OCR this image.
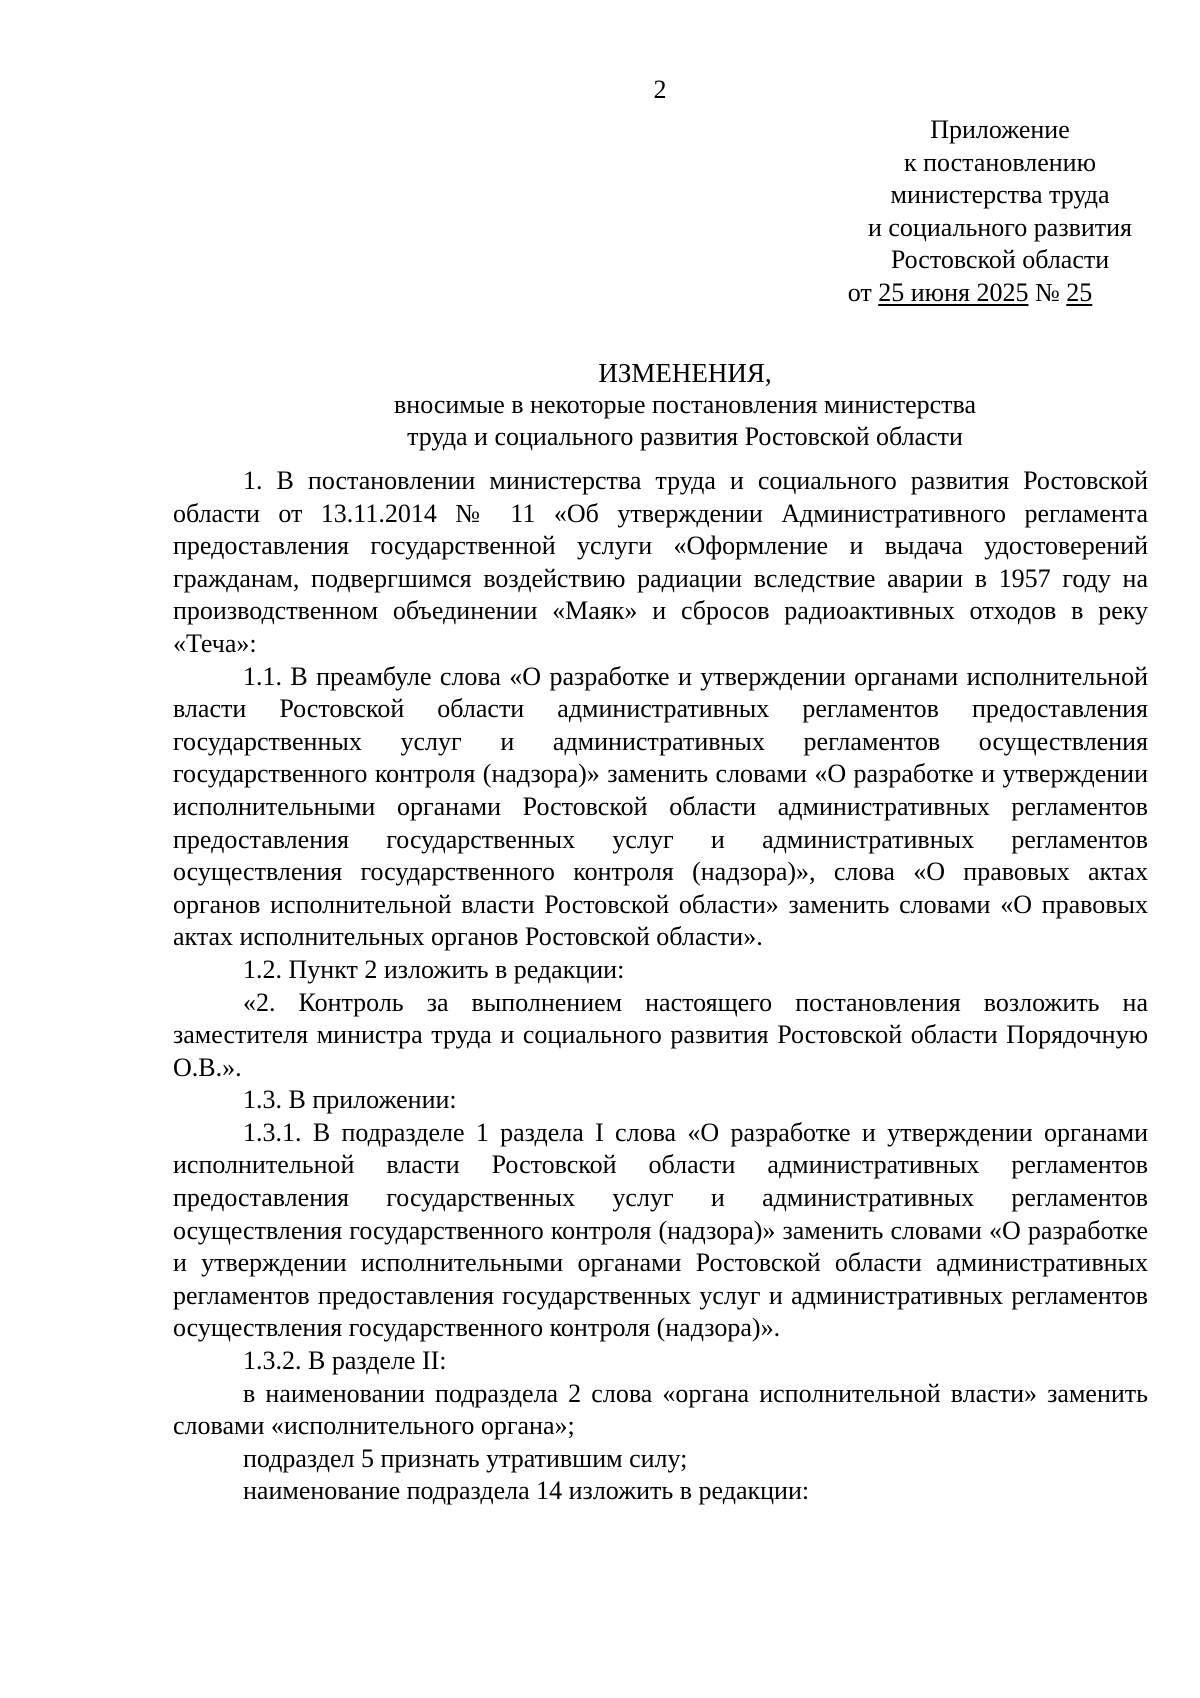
2
Приложение
к постановлению
министерства труда
и социального развития
Ростовской области
от 25 июня 2025 № 25
ИЗМЕНЕНИЯ,
вносимые в некоторые постановления министерства
труда и социального развития Ростовской области

1. В постановлении министерства труда и социального развития Ростовской области от 13.11.2014 № 11 «Об утверждении Административного регламента предоставления государственной услуги «Оформление и выдача удостоверений гражданам, подвергшимся воздействию радиации вследствие аварии в 1957 году на производственном объединении «Маяк» и сбросов радиоактивных отходов в реку «Теча»:

1.1. В преамбуле слова «О разработке и утверждении органами исполнительной власти Ростовской области административных регламентов предоставления государственных услуг и административных регламентов осуществления государственного контроля (надзора)» заменить словами «О разработке и утверждении исполнительными органами Ростовской области административных регламентов предоставления государственных услуг и административных регламентов осуществления государственного контроля (надзора)», слова «О правовых актах органов исполнительной власти Ростовской области» заменить словами «О правовых актах исполнительных органов Ростовской области».

1.2. Пункт 2 изложить в редакции:

«2. Контроль за выполнением настоящего постановления возложить на заместителя министра труда и социального развития Ростовской области Порядочную О.В.».

1.3. В приложении:

1.3.1. В подразделе 1 раздела I слова «О разработке и утверждении органами исполнительной власти Ростовской области административных регламентов предоставления государственных услуг и административных регламентов осуществления государственного контроля (надзора)» заменить словами «О разработке и утверждении исполнительными органами Ростовской области административных регламентов предоставления государственных услуг и административных регламентов осуществления государственного контроля (надзора)».

1.3.2. В разделе II:

в наименовании подраздела 2 слова «органа исполнительной власти» заменить словами «исполнительного органа»;

подраздел 5 признать утратившим силу;

наименование подраздела 14 изложить в редакции:
